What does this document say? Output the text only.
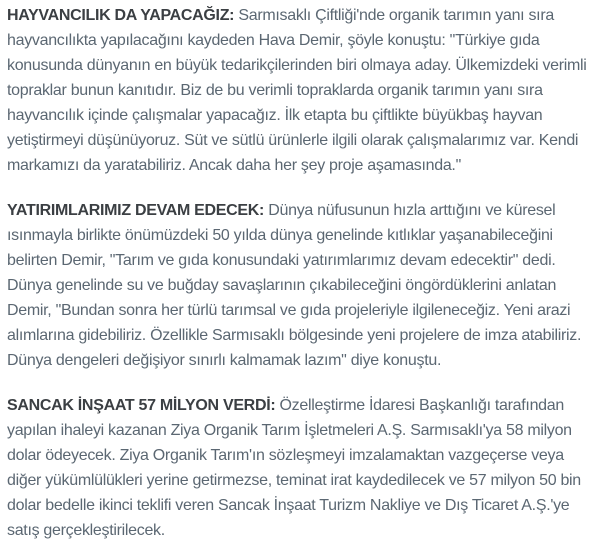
HAYVANCILIK DA YAPACAĞIZ: Sarmısaklı Çiftliği'nde organik tarımın yanı sıra hayvancılıkta yapılacağını kaydeden Hava Demir, şöyle konuştu: "Türkiye gıda konusunda dünyanın en büyük tedarikçilerinden biri olmaya aday. Ülkemizdeki verimli topraklar bunun kanıtıdır. Biz de bu verimli topraklarda organik tarımın yanı sıra hayvancılık içinde çalışmalar yapacağız. İlk etapta bu çiftlikte büyükbaş hayvan yetiştirmeyi düşünüyoruz. Süt ve sütlü ürünlerle ilgili olarak çalışmalarımız var. Kendi markamızı da yaratabiliriz. Ancak daha her şey proje aşamasında."

YATIRIMLARIMIZ DEVAM EDECEK: Dünya nüfusunun hızla arttığını ve küresel ısınmayla birlikte önümüzdeki 50 yılda dünya genelinde kıtlıklar yaşanabileceğini belirten Demir, "Tarım ve gıda konusundaki yatırımlarımız devam edecektir" dedi. Dünya genelinde su ve buğday savaşlarının çıkabileceğini öngördüklerini anlatan Demir, "Bundan sonra her türlü tarımsal ve gıda projeleriyle ilgileneceğiz. Yeni arazi alımlarına gidebiliriz. Özellikle Sarmısaklı bölgesinde yeni projelere de imza atabiliriz. Dünya dengeleri değişiyor sınırlı kalmamak lazım" diye konuştu.

SANCAK İNŞAAT 57 MİLYON VERDİ: Özelleştirme İdaresi Başkanlığı tarafından yapılan ihaleyi kazanan Ziya Organik Tarım İşletmeleri A.Ş. Sarmısaklı'ya 58 milyon dolar ödeyecek. Ziya Organik Tarım'ın sözleşmeyi imzalamaktan vazgeçerse veya diğer yükümlülükleri yerine getirmezse, teminat irat kaydedilecek ve 57 milyon 50 bin dolar bedelle ikinci teklifi veren Sancak İnşaat Turizm Nakliye ve Dış Ticaret A.Ş.'ye satış gerçekleştirilecek.
